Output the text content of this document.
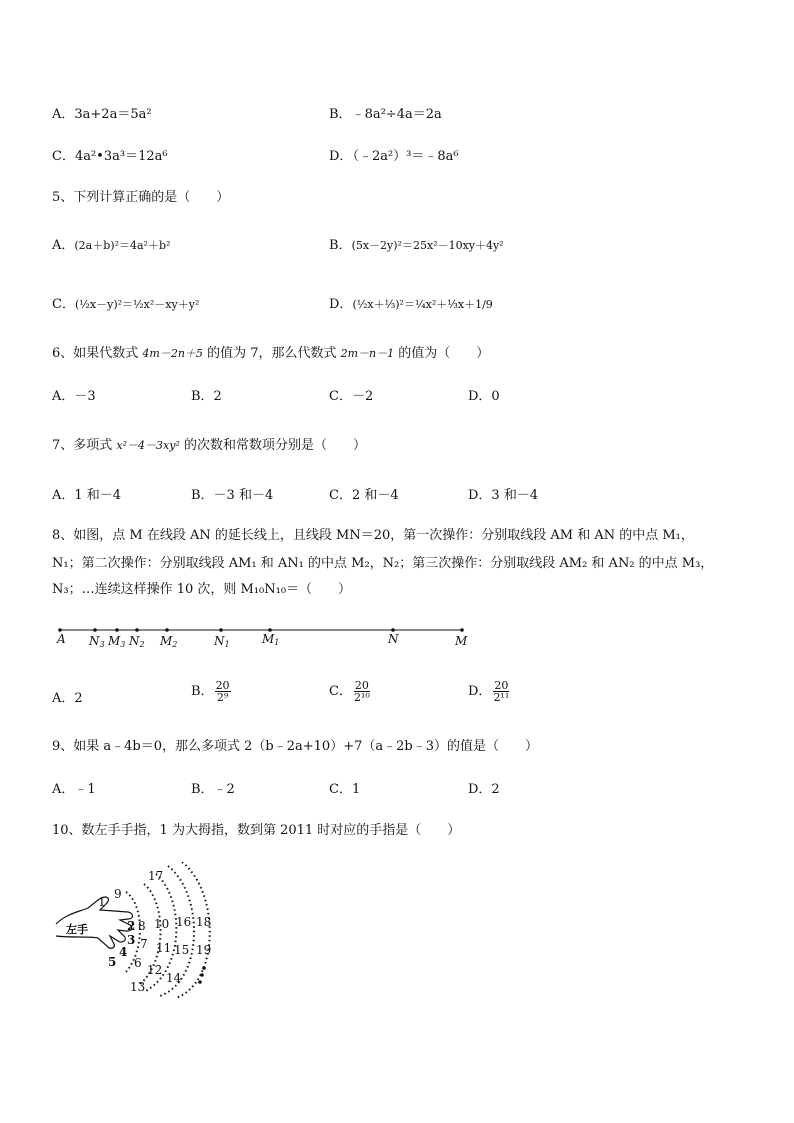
A．3a+2a＝5a²	B．﹣8a²÷4a＝2a
C．4a²•3a³＝12a⁶	D．（﹣2a²）³＝﹣8a⁶
5、下列计算正确的是（　　）
A．(2a＋b)²＝4a²＋b²	B．(5x－2y)²＝25x²－10xy＋4y²
C．(½x－y)²＝½x²－xy＋y²	D．(½x＋⅓)²＝¼x²＋⅓x＋1/9
6、如果代数式 4m－2n＋5 的值为 7，那么代数式 2m－n－1 的值为（　　）
A．－3	B．2	C．－2	D．0
7、多项式 x²－4－3xy² 的次数和常数项分别是（　　）
A．1 和－4	B．－3 和－4	C．2 和－4	D．3 和－4
8、如图，点 M 在线段 AN 的延长线上，且线段 MN＝20，第一次操作：分别取线段 AM 和 AN 的中点 M₁，
N₁；第二次操作：分别取线段 AM₁ 和 AN₁ 的中点 M₂，N₂；第三次操作：分别取线段 AM₂ 和 AN₂ 的中点 M₃，
N₃；…连续这样操作 10 次，则 M₁₀N₁₀＝（　　）
A N3 M3 N2 M2	N1	M1	N	M
A．2	B． $\frac{20}{\text{2⁹}}$	C． $\frac{20}{\text{2¹⁰}}$	D． $\frac{20}{\text{2¹¹}}$
9、如果 a﹣4b＝0，那么多项式 2（b﹣2a+10）+7（a﹣2b﹣3）的值是（　　）
A．﹣1	B．﹣2	C．1	D．2
10、数左手手指，1 为大拇指，数到第 2011 时对应的手指是（　　）
左手
1
2
3
4
5 6
7
8
9
10
11
12
13
14
15
16
17
18
19
